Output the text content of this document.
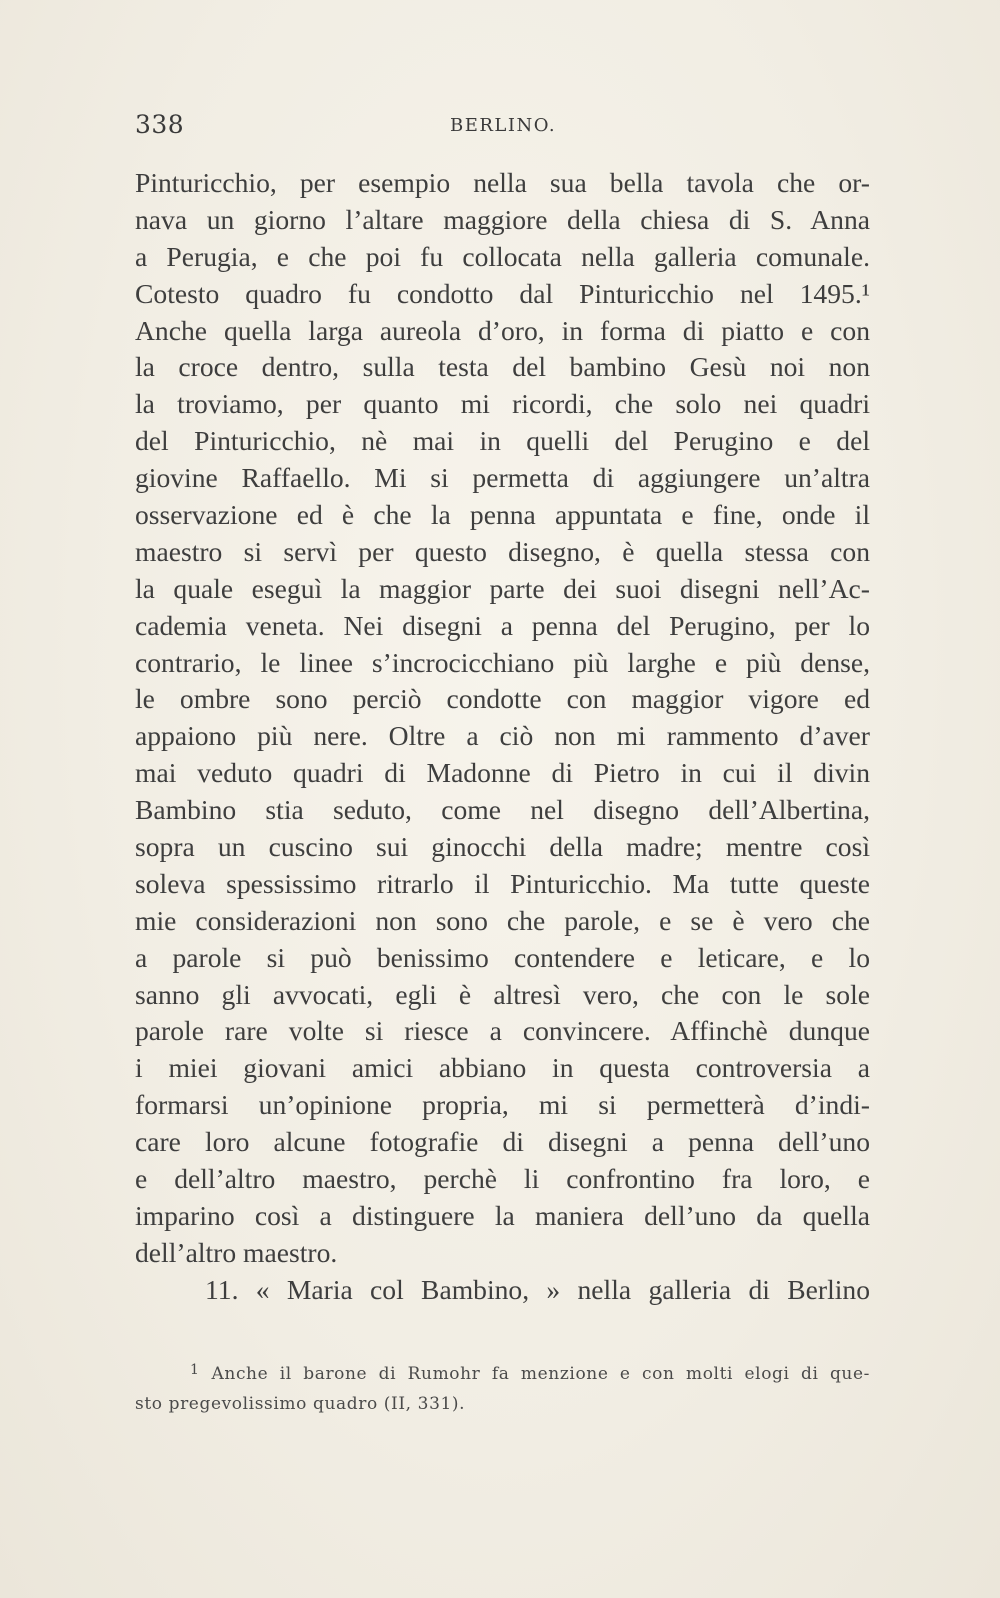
338	BERLINO.
Pinturicchio, per esempio nella sua bella tavola che or-
nava un giorno l’altare maggiore della chiesa di S. Anna
a Perugia, e che poi fu collocata nella galleria comunale.
Cotesto quadro fu condotto dal Pinturicchio nel 1495.¹
Anche quella larga aureola d’oro, in forma di piatto e con
la croce dentro, sulla testa del bambino Gesù noi non
la troviamo, per quanto mi ricordi, che solo nei quadri
del Pinturicchio, nè mai in quelli del Perugino e del
giovine Raffaello. Mi si permetta di aggiungere un’altra
osservazione ed è che la penna appuntata e fine, onde il
maestro si servì per questo disegno, è quella stessa con
la quale eseguì la maggior parte dei suoi disegni nell’Ac-
cademia veneta. Nei disegni a penna del Perugino, per lo
contrario, le linee s’incrocicchiano più larghe e più dense,
le ombre sono perciò condotte con maggior vigore ed
appaiono più nere. Oltre a ciò non mi rammento d’aver
mai veduto quadri di Madonne di Pietro in cui il divin
Bambino stia seduto, come nel disegno dell’Albertina,
sopra un cuscino sui ginocchi della madre; mentre così
soleva spessissimo ritrarlo il Pinturicchio. Ma tutte queste
mie considerazioni non sono che parole, e se è vero che
a parole si può benissimo contendere e leticare, e lo
sanno gli avvocati, egli è altresì vero, che con le sole
parole rare volte si riesce a convincere. Affinchè dunque
i miei giovani amici abbiano in questa controversia a
formarsi un’opinione propria, mi si permetterà d’indi-
care loro alcune fotografie di disegni a penna dell’uno
e dell’altro maestro, perchè li confrontino fra loro, e
imparino così a distinguere la maniera dell’uno da quella
dell’altro maestro.
11. « Maria col Bambino, » nella galleria di Berlino
$^1$ Anche il barone di Rumohr fa menzione e con molti elogi di que-
sto pregevolissimo quadro (II, 331).
